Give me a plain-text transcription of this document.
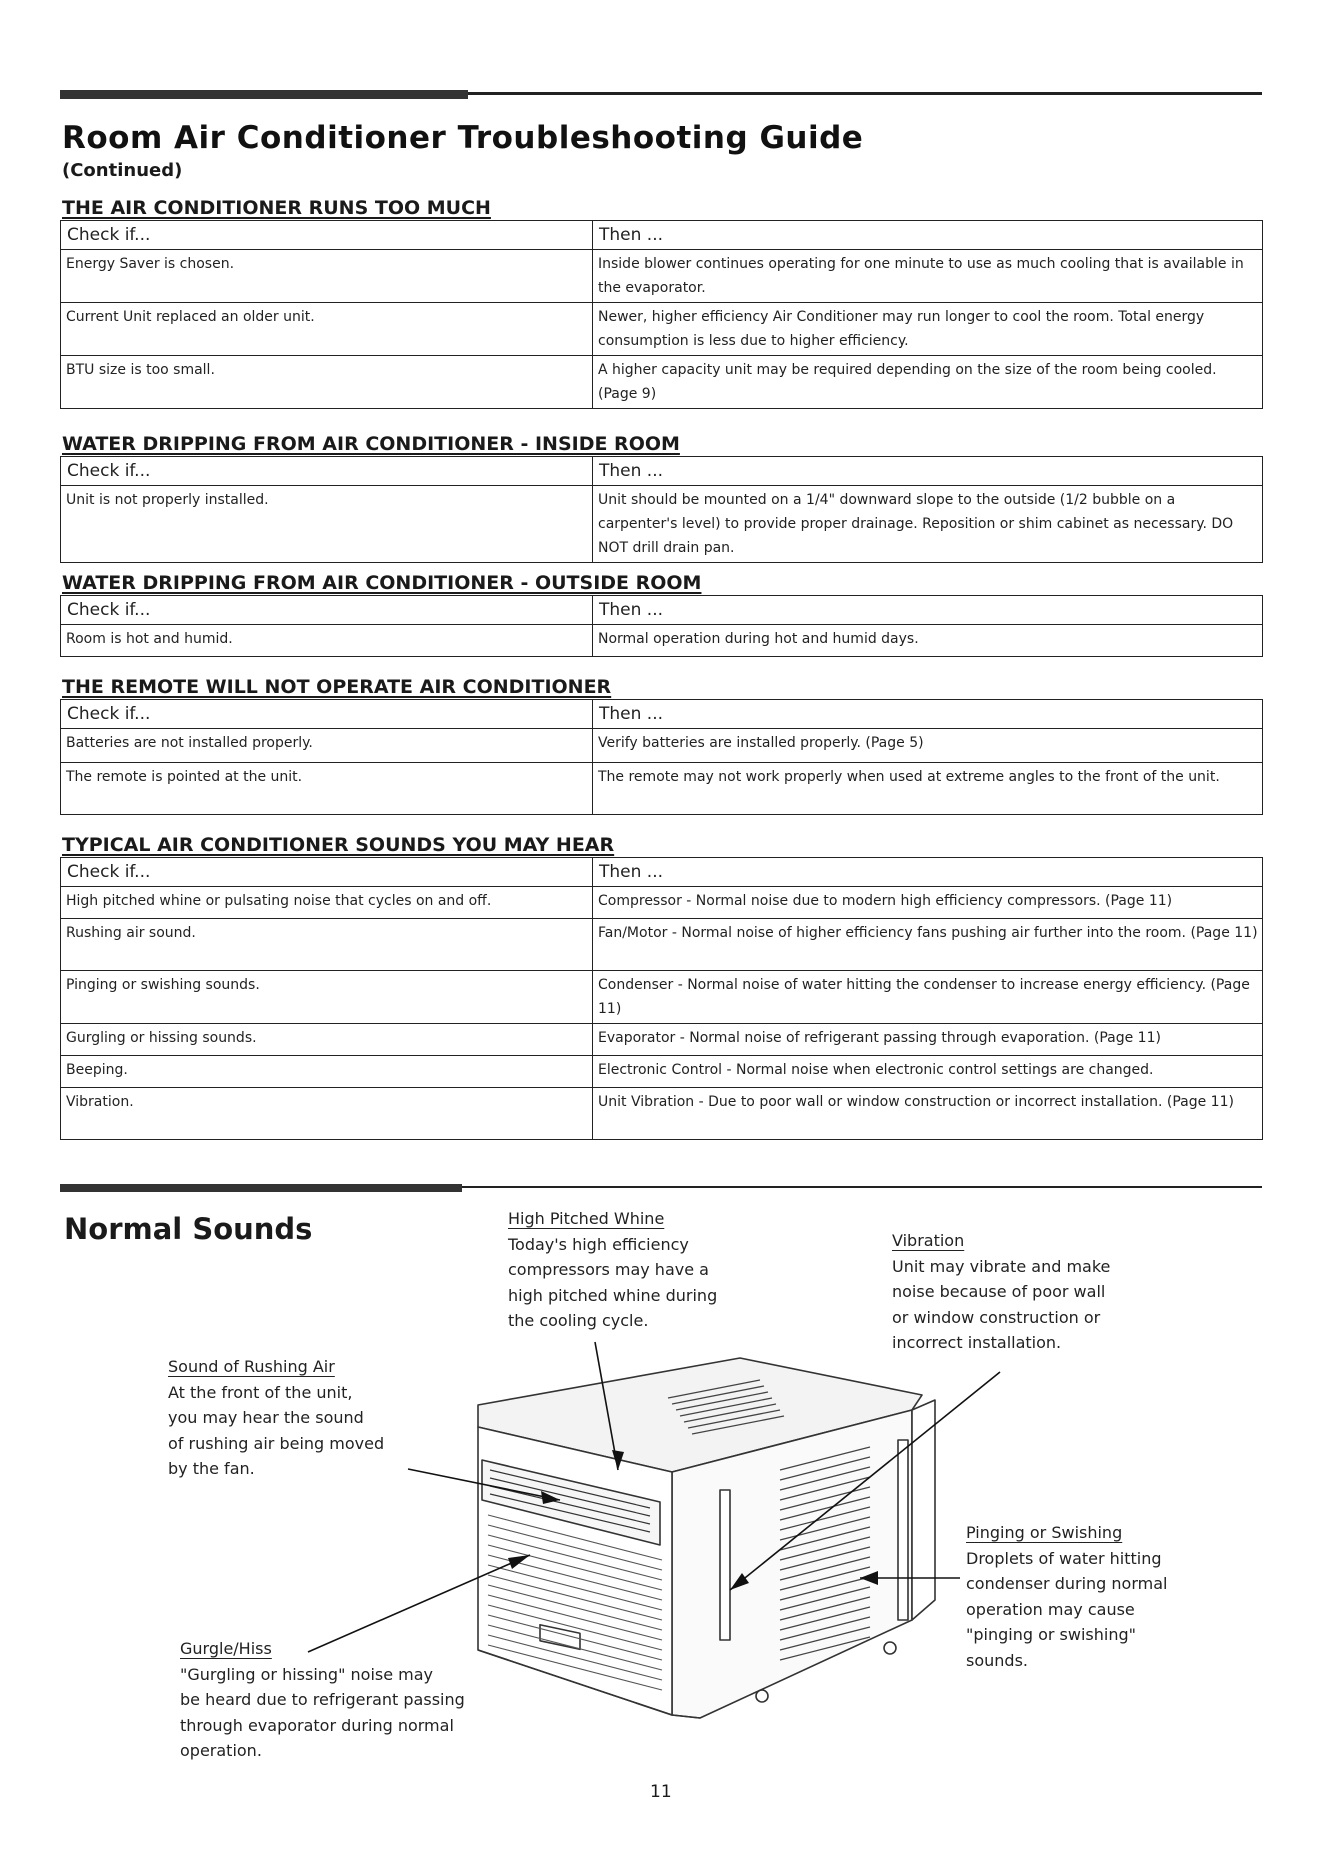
Room Air Conditioner Troubleshooting Guide
(Continued)
THE AIR CONDITIONER RUNS TOO MUCH
Check if...	Then ...
Energy Saver is chosen.	Inside blower continues operating for one minute to use as much cooling that is available in the evaporator.
Current Unit replaced an older unit.	Newer, higher efficiency Air Conditioner may run longer to cool the room. Total energy consumption is less due to higher efficiency.
BTU size is too small.	A higher capacity unit may be required depending on the size of the room being cooled. (Page 9)
WATER DRIPPING FROM AIR CONDITIONER - INSIDE ROOM
Check if...	Then ...
Unit is not properly installed.	Unit should be mounted on a 1/4" downward slope to the outside (1/2 bubble on a carpenter's level) to provide proper drainage. Reposition or shim cabinet as necessary. DO NOT drill drain pan.
WATER DRIPPING FROM AIR CONDITIONER - OUTSIDE ROOM
Check if...	Then ...
Room is hot and humid.	Normal operation during hot and humid days.
THE REMOTE WILL NOT OPERATE AIR CONDITIONER
Check if...	Then ...
Batteries are not installed properly.	Verify batteries are installed properly. (Page 5)
The remote is pointed at the unit.	The remote may not work properly when used at extreme angles to the front of the unit.
TYPICAL AIR CONDITIONER SOUNDS YOU MAY HEAR
Check if...	Then ...
High pitched whine or pulsating noise that cycles on and off.	Compressor - Normal noise due to modern high efficiency compressors. (Page 11)
Rushing air sound.	Fan/Motor - Normal noise of higher efficiency fans pushing air further into the room. (Page 11)
Pinging or swishing sounds.	Condenser - Normal noise of water hitting the condenser to increase energy efficiency. (Page 11)
Gurgling or hissing sounds.	Evaporator - Normal noise of refrigerant passing through evaporation. (Page 11)
Beeping.	Electronic Control - Normal noise when electronic control settings are changed.
Vibration.	Unit Vibration - Due to poor wall or window construction or incorrect installation. (Page 11)
Normal Sounds	High Pitched Whine
Today's high efficiency
compressors may have a
high pitched whine during
the cooling cycle.
Vibration
Unit may vibrate and make
noise because of poor wall
or window construction or
incorrect installation.
Sound of Rushing Air
At the front of the unit,
you may hear the sound
of rushing air being moved
by the fan.
Pinging or Swishing
Droplets of water hitting
condenser during normal
operation may cause
"pinging or swishing"
sounds.
Gurgle/Hiss
"Gurgling or hissing" noise may
be heard due to refrigerant passing
through evaporator during normal
operation.
11
